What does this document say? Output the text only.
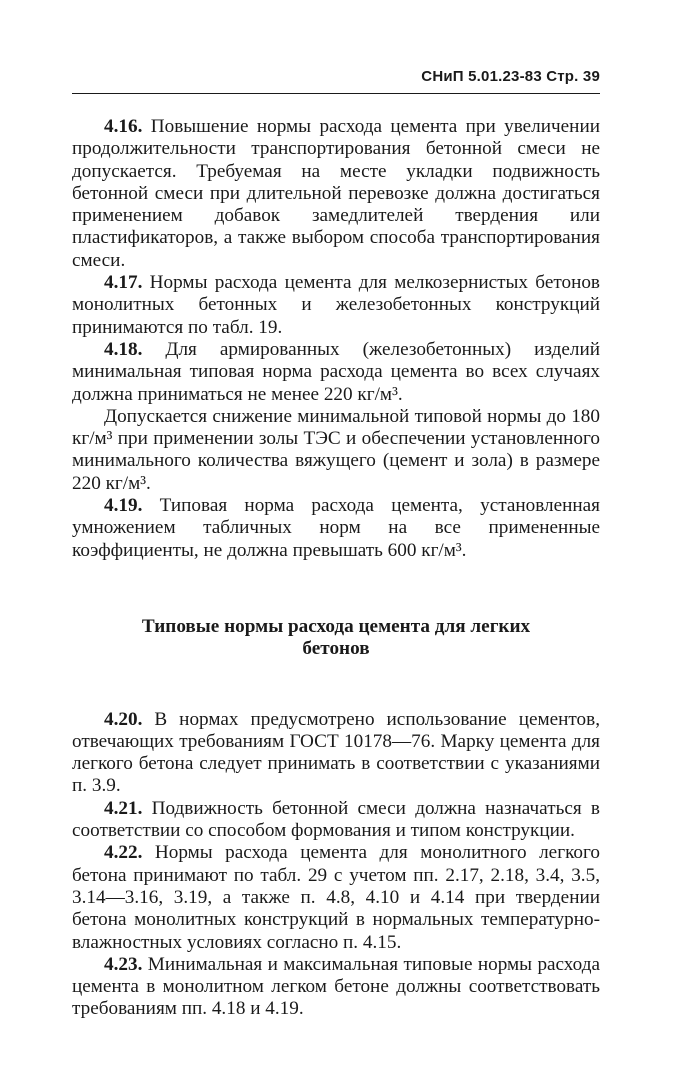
СНиП 5.01.23-83 Стр. 39

4.16. Повышение нормы расхода цемента при увеличении продолжительности транспортирования бетонной смеси не допускается. Требуемая на месте укладки подвижность бетонной смеси при длительной перевозке должна достигаться применением добавок замедлителей твердения или пластификаторов, а также выбором способа транспортирования смеси.

4.17. Нормы расхода цемента для мелкозернистых бетонов монолитных бетонных и железобетонных конструкций принимаются по табл. 19.

4.18. Для армированных (железобетонных) изделий минимальная типовая норма расхода цемента во всех случаях должна приниматься не менее 220 кг/м³.

Допускается снижение минимальной типовой нормы до 180 кг/м³ при применении золы ТЭС и обеспечении установленного минимального количества вяжущего (цемент и зола) в размере 220 кг/м³.

4.19. Типовая норма расхода цемента, установленная умножением табличных норм на все примененные коэффициенты, не должна превышать 600 кг/м³.

Типовые нормы расхода цемента для легких
бетонов

4.20. В нормах предусмотрено использование цементов, отвечающих требованиям ГОСТ 10178—76. Марку цемента для легкого бетона следует принимать в соответствии с указаниями п. 3.9.

4.21. Подвижность бетонной смеси должна назначаться в соответствии со способом формования и типом конструкции.

4.22. Нормы расхода цемента для монолитного легкого бетона принимают по табл. 29 с учетом пп. 2.17, 2.18, 3.4, 3.5, 3.14—3.16, 3.19, а также п. 4.8, 4.10 и 4.14 при твердении бетона монолитных конструкций в нормальных температурно-влажностных условиях согласно п. 4.15.

4.23. Минимальная и максимальная типовые нормы расхода цемента в монолитном легком бетоне должны соответствовать требованиям пп. 4.18 и 4.19.
